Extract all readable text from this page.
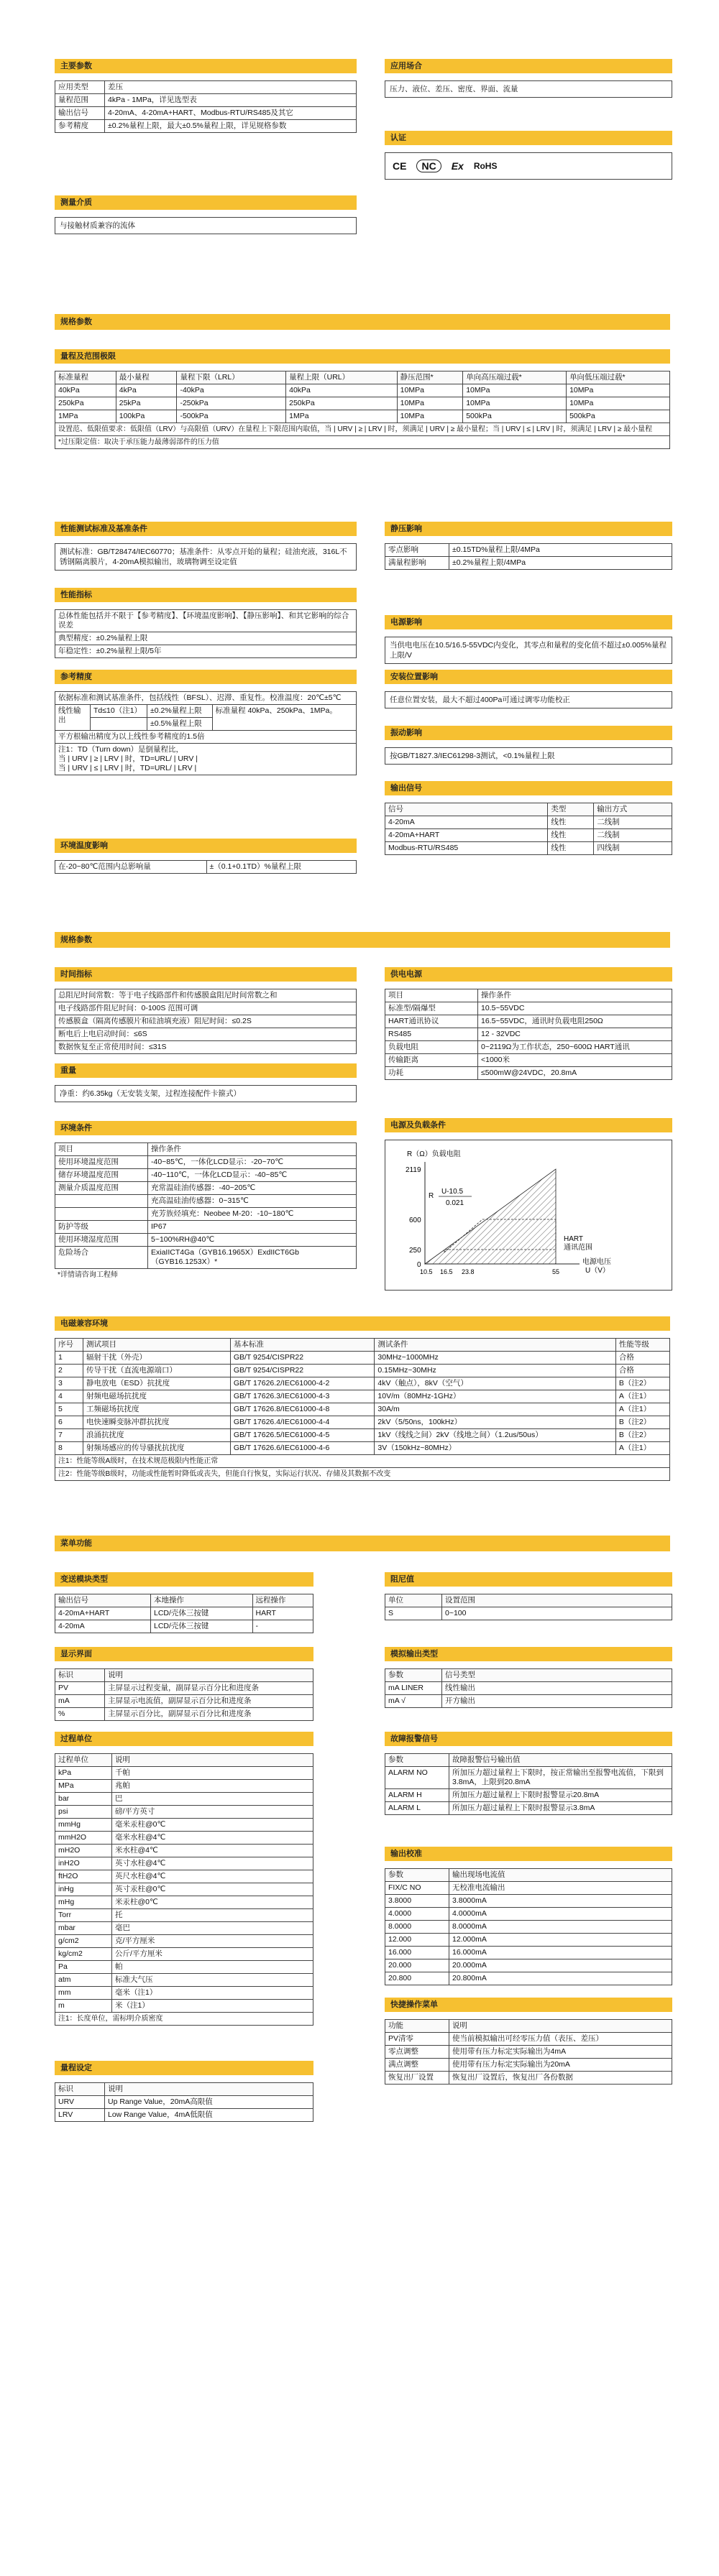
主要参数
应用类型	差压
量程范围	4kPa - 1MPa，详见选型表
输出信号	4-20mA、4-20mA+HART、Modbus-RTU/RS485及其它
参考精度	±0.2%量程上限，最大±0.5%量程上限，详见规格参数
测量介质
与接触材质兼容的流体
应用场合
压力、液位、差压、密度、界面、流量
认证
CE	NC	Ex RoHS
规格参数
量程及范围极限
标准量程	最小量程	量程下限（LRL）	量程上限（URL）	静压范围*	单向高压端过载*	单向低压端过载*
40kPa	4kPa	-40kPa	40kPa	10MPa	10MPa	10MPa
250kPa	25kPa	-250kPa	250kPa	10MPa	10MPa	10MPa
1MPa	100kPa	-500kPa	1MPa	10MPa	500kPa	500kPa
设置范、低限值要求：低限值（LRV）与高限值（URV）在量程上下限范围内取值，当 | URV | ≥ | LRV | 时，须满足 | URV | ≥ 最小量程；当 | URV | ≤ | LRV | 时，须满足 | LRV | ≥ 最小量程
*过压限定值：取决于承压能力最薄弱部件的压力值
性能测试标准及基准条件
测试标准：GB/T28474/IEC60770；基准条件：从零点开始的量程；硅油充液，316L不锈钢隔离膜片，4-20mA模拟输出，玻璃物调至设定值
静压影响
零点影响	±0.15TD%量程上限/4MPa
满量程影响	±0.2%量程上限/4MPa
性能指标
总体性能包括并不限于【参考精度】、【环境温度影响】、【静压影响】、和其它影响的综合误差
典型精度：±0.2%量程上限
年稳定性：±0.2%量程上限/5年
电源影响
当供电电压在10.5/16.5-55VDC内变化，其零点和量程的变化值不超过±0.005%量程上限/V
参考精度
依据标准和测试基准条件，包括线性（BFSL）、迟滞、重复性。校准温度：20℃±5℃			
线性输出	Td≤10（注1）	±0.2%量程上限	标准量程 40kPa、250kPa、1MPa。
		±0.5%量程上限	
平方根输出精度为以上线性参考精度的1.5倍			

注1：TD（Turn down）是倒量程比，
当 | URV | ≥ | LRV | 时，TD=URL/ | URV |
当 | URV | ≤ | LRV | 时，TD=URL/ | LRV |			
安装位置影响
任意位置安装，最大不超过400Pa可通过调零功能校正
振动影响
按GB/T1827.3/IEC61298-3测试，<0.1%量程上限
输出信号
信号	类型	输出方式
4-20mA	线性	二线制
4-20mA+HART	线性	二线制
Modbus-RTU/RS485	线性	四线制
环境温度影响
在-20~80℃范围内总影响量	±（0.1+0.1TD）%量程上限
规格参数
时间指标
总阻尼时间常数：等于电子线路部件和传感膜盒阻尼时间常数之和
电子线路部件阻尼时间：0-100S 范围可调
传感膜盒（隔离传感膜片和硅油填充液）阻尼时间：≤0.2S
断电后上电启动时间：≤6S
数据恢复至正常使用时间：≤31S
重量
净重：约6.35kg（无安装支架，过程连接配件卡箍式）
环境条件
项目	操作条件
使用环境温度范围	-40~85℃，一体化LCD显示：-20~70℃
储存环境温度范围	-40~110℃，一体化LCD显示：-40~85℃
测量介质温度范围	充常温硅油传感器：-40~205℃
	充高温硅油传感器：0~315℃
	充芳族烃填充：Neobee M-20：-10~180℃
防护等级	IP67
使用环境湿度范围	5~100%RH@40℃
危险场合	ExiaIICT4Ga（GYB16.1965X）ExdIICT6Gb（GYB16.1253X）*
*详情请咨询工程师
供电电源
项目	操作条件
标准型/隔爆型	10.5~55VDC
HART通讯协议	16.5~55VDC，通讯时负载电阻250Ω
RS485	12 - 32VDC
负载电阻	0~2119Ω为工作状态，250~600Ω HART通讯
传输距离	<1000米
功耗	≤500mW@24VDC，20.8mA
电源及负载条件
R（Ω）负载电阻
2119
600
250
0
R
U-10.5
0.021
HART
通讯范围
电源电压
U（V）
10.5 16.5 23.8	55
电磁兼容环境
序号	测试项目	基本标准	测试条件	性能等级
1	辐射干扰（外壳）	GB/T 9254/CISPR22	30MHz~1000MHz	合格
2	传导干扰（直流电源端口）	GB/T 9254/CISPR22	0.15MHz~30MHz	合格
3	静电放电（ESD）抗扰度	GB/T 17626.2/IEC61000-4-2	4kV（触点），8kV（空气）	B（注2）
4	射频电磁场抗扰度	GB/T 17626.3/IEC61000-4-3	10V/m（80MHz-1GHz）	A（注1）
5	工频磁场抗扰度	GB/T 17626.8/IEC61000-4-8	30A/m	A（注1）
6	电快速瞬变脉冲群抗扰度	GB/T 17626.4/IEC61000-4-4	2kV（5/50ns，100kHz）	B（注2）
7	浪涌抗扰度	GB/T 17626.5/IEC61000-4-5	1kV（线线之间）2kV（线地之间）（1.2us/50us）	B（注2）
8	射频场感应的传导骚扰抗扰度	GB/T 17626.6/IEC61000-4-6	3V（150kHz~80MHz）	A（注1）
注1：性能等级A级时，在技术规范极限内性能正常
注2：性能等级B级时，功能或性能暂时降低或丧失，但能自行恢复，实际运行状况、存储及其数据不改变
菜单功能
变送模块类型
输出信号	本地操作	远程操作
4-20mA+HART	LCD/壳体三按键	HART
4-20mA	LCD/壳体三按键	-
阻尼值
单位	设置范围
S	0~100
显示界面
标识	说明
PV	主屏显示过程变量，副屏显示百分比和进度条
mA	主屏显示电流值，副屏显示百分比和进度条
%	主屏显示百分比，副屏显示百分比和进度条
模拟输出类型
参数	信号类型
mA LINER	线性输出
mA √	开方输出
过程单位
过程单位	说明
kPa	千帕
MPa	兆帕
bar	巴
psi	磅/平方英寸
mmHg	毫米汞柱@0℃
mmH2O	毫米水柱@4℃
mH2O	米水柱@4℃
inH2O	英寸水柱@4℃
ftH2O	英尺水柱@4℃
inHg	英寸汞柱@0℃
mHg	米汞柱@0℃
Torr	托
mbar	毫巴
g/cm2	克/平方厘米
kg/cm2	公斤/平方厘米
Pa	帕
atm	标准大气压
mm	毫米（注1）
m	米（注1）
注1：长度单位，需标明介质密度
故障报警信号
参数	故障报警信号输出值
ALARM NO	所加压力超过量程上下限时，按正常输出至报警电流值，下限到3.8mA，上限到20.8mA
ALARM H	所加压力超过量程上下限时报警显示20.8mA
ALARM L	所加压力超过量程上下限时报警显示3.8mA
输出校准
参数	输出现场电流值
FIX/C NO	无校准电流输出
3.8000	3.8000mA
4.0000	4.0000mA
8.0000	8.0000mA
12.000	12.000mA
16.000	16.000mA
20.000	20.000mA
20.800	20.800mA
快捷操作菜单
功能	说明
PV清零	使当前模拟输出可经零压力值（表压、差压）
零点调整	使用带有压力标定实际输出为4mA
满点调整	使用带有压力标定实际输出为20mA
恢复出厂设置	恢复出厂设置后，恢复出厂各份数据
量程设定
标识	说明
URV	Up Range Value，20mA高限值
LRV	Low Range Value，4mA低限值
